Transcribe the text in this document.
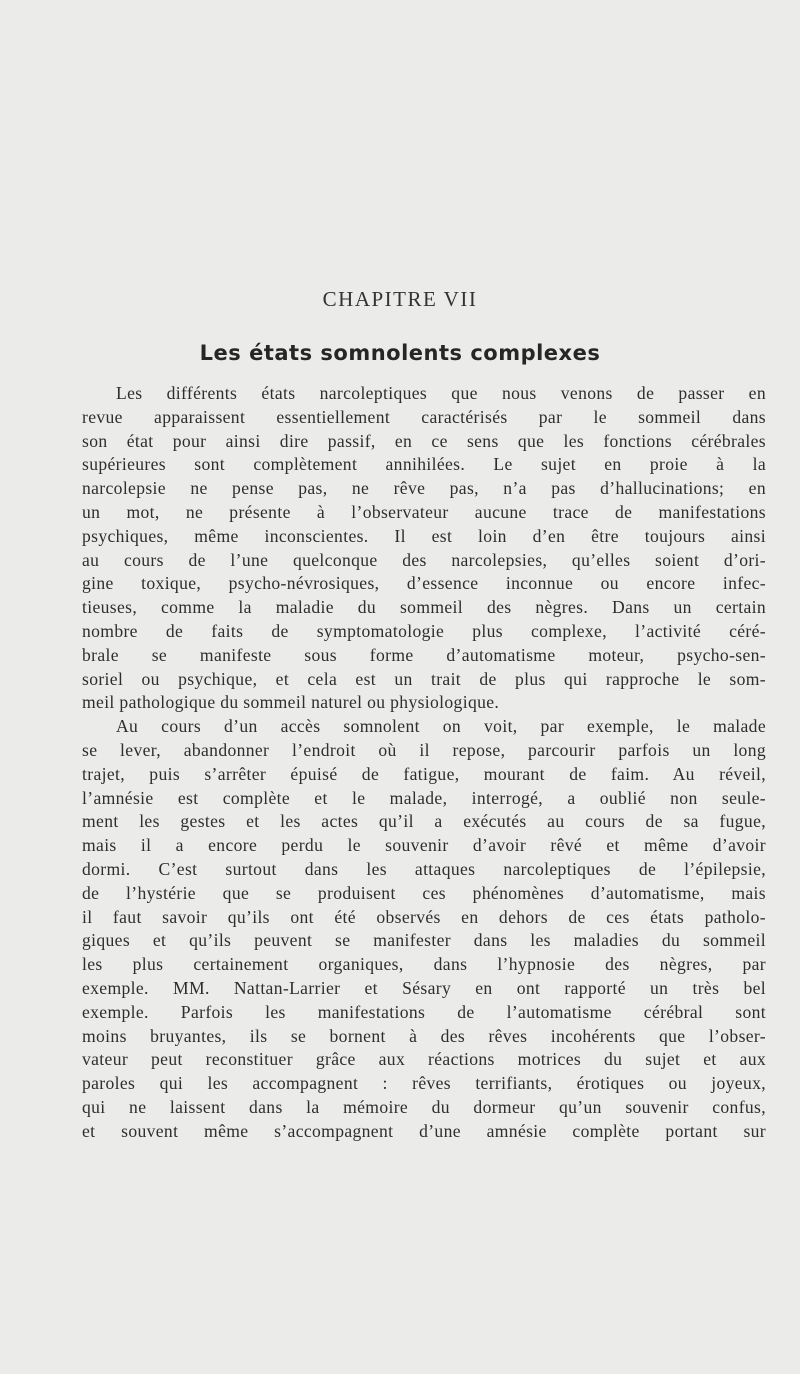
CHAPITRE VII
Les états somnolents complexes

Les différents états narcoleptiques que nous venons de passer en
revue apparaissent essentiellement caractérisés par le sommeil dans
son état pour ainsi dire passif, en ce sens que les fonctions cérébrales
supérieures sont complètement annihilées. Le sujet en proie à la
narcolepsie ne pense pas, ne rêve pas, n’a pas d’hallucinations; en
un mot, ne présente à l’observateur aucune trace de manifestations
psychiques, même inconscientes. Il est loin d’en être toujours ainsi
au cours de l’une quelconque des narcolepsies, qu’elles soient d’ori-
gine toxique, psycho-névrosiques, d’essence inconnue ou encore infec-
tieuses, comme la maladie du sommeil des nègres. Dans un certain
nombre de faits de symptomatologie plus complexe, l’activité céré-
brale se manifeste sous forme d’automatisme moteur, psycho-sen-
soriel ou psychique, et cela est un trait de plus qui rapproche le som-
meil pathologique du sommeil naturel ou physiologique.

Au cours d’un accès somnolent on voit, par exemple, le malade
se lever, abandonner l’endroit où il repose, parcourir parfois un long
trajet, puis s’arrêter épuisé de fatigue, mourant de faim. Au réveil,
l’amnésie est complète et le malade, interrogé, a oublié non seule-
ment les gestes et les actes qu’il a exécutés au cours de sa fugue,
mais il a encore perdu le souvenir d’avoir rêvé et même d’avoir
dormi. C’est surtout dans les attaques narcoleptiques de l’épilepsie,
de l’hystérie que se produisent ces phénomènes d’automatisme, mais
il faut savoir qu’ils ont été observés en dehors de ces états patholo-
giques et qu’ils peuvent se manifester dans les maladies du sommeil
les plus certainement organiques, dans l’hypnosie des nègres, par
exemple. MM. Nattan-Larrier et Sésary en ont rapporté un très bel
exemple. Parfois les manifestations de l’automatisme cérébral sont
moins bruyantes, ils se bornent à des rêves incohérents que l’obser-
vateur peut reconstituer grâce aux réactions motrices du sujet et aux
paroles qui les accompagnent : rêves terrifiants, érotiques ou joyeux,
qui ne laissent dans la mémoire du dormeur qu’un souvenir confus,
et souvent même s’accompagnent d’une amnésie complète portant sur
